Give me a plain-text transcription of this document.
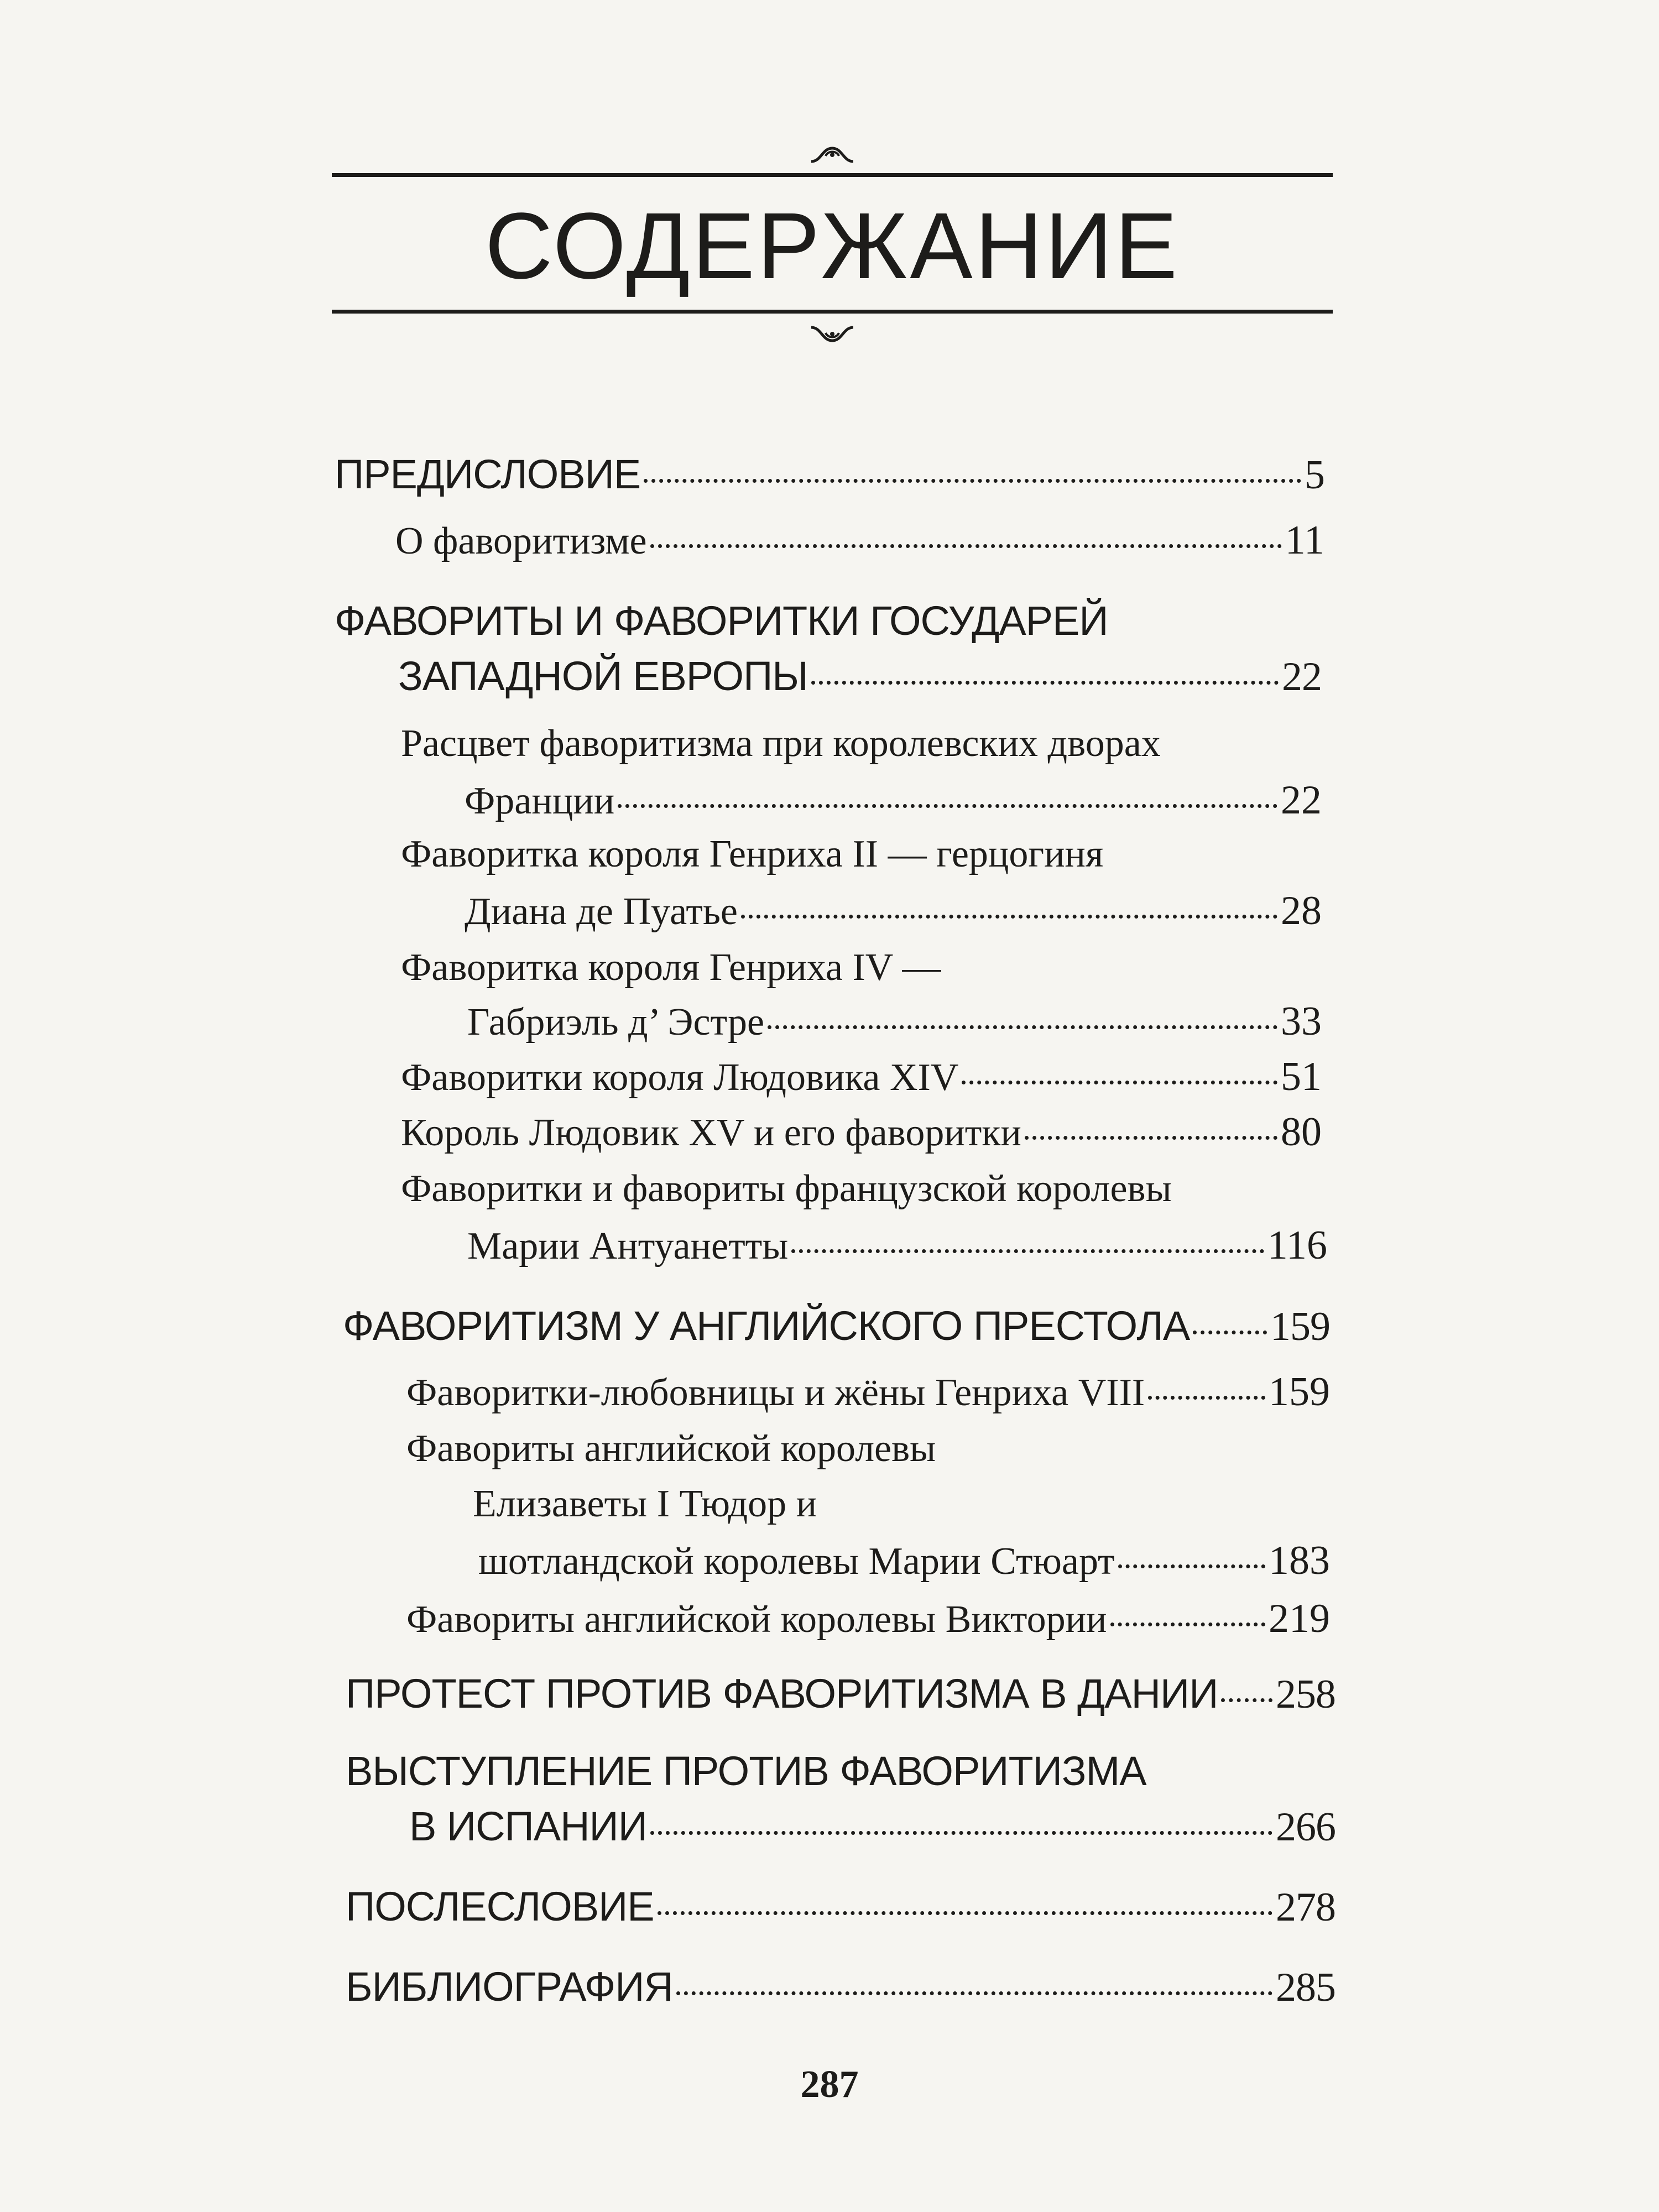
СОДЕРЖАНИЕ
ПРЕДИСЛОВИЕ	5
О фаворитизме	11
ФАВОРИТЫ И ФАВОРИТКИ ГОСУДАРЕЙ
ЗАПАДНОЙ ЕВРОПЫ	22
Расцвет фаворитизма при королевских дворах
Франции	22
Фаворитка короля Генриха II — герцогиня
Диана де Пуатье	28
Фаворитка короля Генриха IV —
Габриэль д’ Эстре	33
Фаворитки короля Людовика XIV	51
Король Людовик XV и его фаворитки	80
Фаворитки и фавориты французской королевы
Марии Антуанетты	116
ФАВОРИТИЗМ У АНГЛИЙСКОГО ПРЕСТОЛА 159
Фаворитки-любовницы и жёны Генриха VIII	159
Фавориты английской королевы
Елизаветы I Тюдор и
шотландской королевы Марии Стюарт	183
Фавориты английской королевы Виктории	219
ПРОТЕСТ ПРОТИВ ФАВОРИТИЗМА В ДАНИИ 258
ВЫСТУПЛЕНИЕ ПРОТИВ ФАВОРИТИЗМА
В ИСПАНИИ	266
ПОСЛЕСЛОВИЕ	278
БИБЛИОГРАФИЯ	285
287
